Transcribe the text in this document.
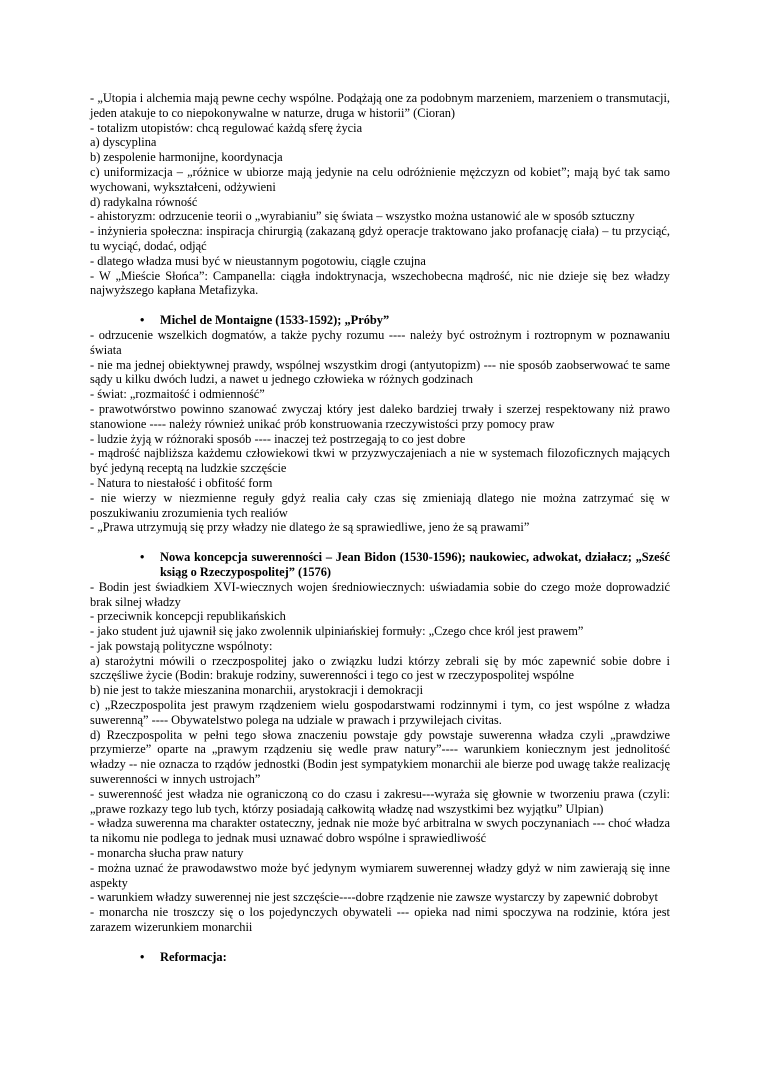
- „Utopia i alchemia mają pewne cechy wspólne. Podążają one za podobnym marzeniem, marzeniem o transmutacji, jeden atakuje to co niepokonywalne w naturze, druga w historii” (Cioran)

- totalizm utopistów: chcą regulować każdą sferę życia

a) dyscyplina

b) zespolenie harmonijne, koordynacja

c) uniformizacja – „różnice w ubiorze mają jedynie na celu odróżnienie mężczyzn od kobiet”; mają być tak samo wychowani, wykształceni, odżywieni

d) radykalna równość

- ahistoryzm: odrzucenie teorii o „wyrabianiu” się świata – wszystko można ustanowić ale w sposób sztuczny

- inżynieria społeczna: inspiracja chirurgią (zakazaną gdyż operacje traktowano jako profanację ciała) – tu przyciąć, tu wyciąć, dodać, odjąć

- dlatego władza musi być w nieustannym pogotowiu, ciągle czujna

- W „Mieście Słońca”: Campanella: ciągła indoktrynacja, wszechobecna mądrość, nic nie dzieje się bez władzy najwyższego kapłana Metafizyka.

• Michel de Montaigne (1533-1592); „Próby”

- odrzucenie wszelkich dogmatów, a także pychy rozumu ---- należy być ostrożnym i roztropnym w poznawaniu świata

- nie ma jednej obiektywnej prawdy, wspólnej wszystkim drogi (antyutopizm) --- nie sposób zaobserwować te same sądy u kilku dwóch ludzi, a nawet u jednego człowieka w różnych godzinach

- świat: „rozmaitość i odmienność”

- prawotwórstwo powinno szanować zwyczaj który jest daleko bardziej trwały i szerzej respektowany niż prawo stanowione ---- należy również unikać prób konstruowania rzeczywistości przy pomocy praw

- ludzie żyją w różnoraki sposób ---- inaczej też postrzegają to co jest dobre

- mądrość najbliższa każdemu człowiekowi tkwi w przyzwyczajeniach a nie w systemach filozoficznych mających być jedyną receptą na ludzkie szczęście

- Natura to niestałość i obfitość form

- nie wierzy w niezmienne reguły gdyż realia cały czas się zmieniają dlatego nie można zatrzymać się w poszukiwaniu zrozumienia tych realiów

- „Prawa utrzymują się przy władzy nie dlatego że są sprawiedliwe, jeno że są prawami”

• Nowa koncepcja suwerenności – Jean Bidon (1530-1596); naukowiec, adwokat, działacz; „Sześć ksiąg o Rzeczypospolitej” (1576)

- Bodin jest świadkiem XVI-wiecznych wojen średniowiecznych: uświadamia sobie do czego może doprowadzić brak silnej władzy

- przeciwnik koncepcji republikańskich

- jako student już ujawnił się jako zwolennik ulpiniańskiej formuły: „Czego chce król jest prawem”

- jak powstają polityczne wspólnoty:

a) starożytni mówili o rzeczpospolitej jako o związku ludzi którzy zebrali się by móc zapewnić sobie dobre i szczęśliwe życie (Bodin: brakuje rodziny, suwerenności i tego co jest w rzeczypospolitej wspólne

b) nie jest to także mieszanina monarchii, arystokracji i demokracji

c) „Rzeczpospolita jest prawym rządzeniem wielu gospodarstwami rodzinnymi i tym, co jest wspólne z władza suwerenną” ---- Obywatelstwo polega na udziale w prawach i przywilejach civitas.

d) Rzeczpospolita w pełni tego słowa znaczeniu powstaje gdy powstaje suwerenna władza czyli „prawdziwe przymierze” oparte na „prawym rządzeniu się wedle praw natury”---- warunkiem koniecznym jest jednolitość władzy -- nie oznacza to rządów jednostki (Bodin jest sympatykiem monarchii ale bierze pod uwagę także realizację suwerenności w innych ustrojach”

- suwerenność jest władza nie ograniczoną co do czasu i zakresu---wyraża się głownie w tworzeniu prawa (czyli: „prawe rozkazy tego lub tych, którzy posiadają całkowitą władzę nad wszystkimi bez wyjątku” Ulpian)

- władza suwerenna ma charakter ostateczny, jednak nie może być arbitralna w swych poczynaniach --- choć władza ta nikomu nie podlega to jednak musi uznawać dobro wspólne i sprawiedliwość

- monarcha słucha praw natury

- można uznać że prawodawstwo może być jedynym wymiarem suwerennej władzy gdyż w nim zawierają się inne aspekty

- warunkiem władzy suwerennej nie jest szczęście----dobre rządzenie nie zawsze wystarczy by zapewnić dobrobyt

- monarcha nie troszczy się o los pojedynczych obywateli --- opieka nad nimi spoczywa na rodzinie, która jest zarazem wizerunkiem monarchii

• Reformacja:
